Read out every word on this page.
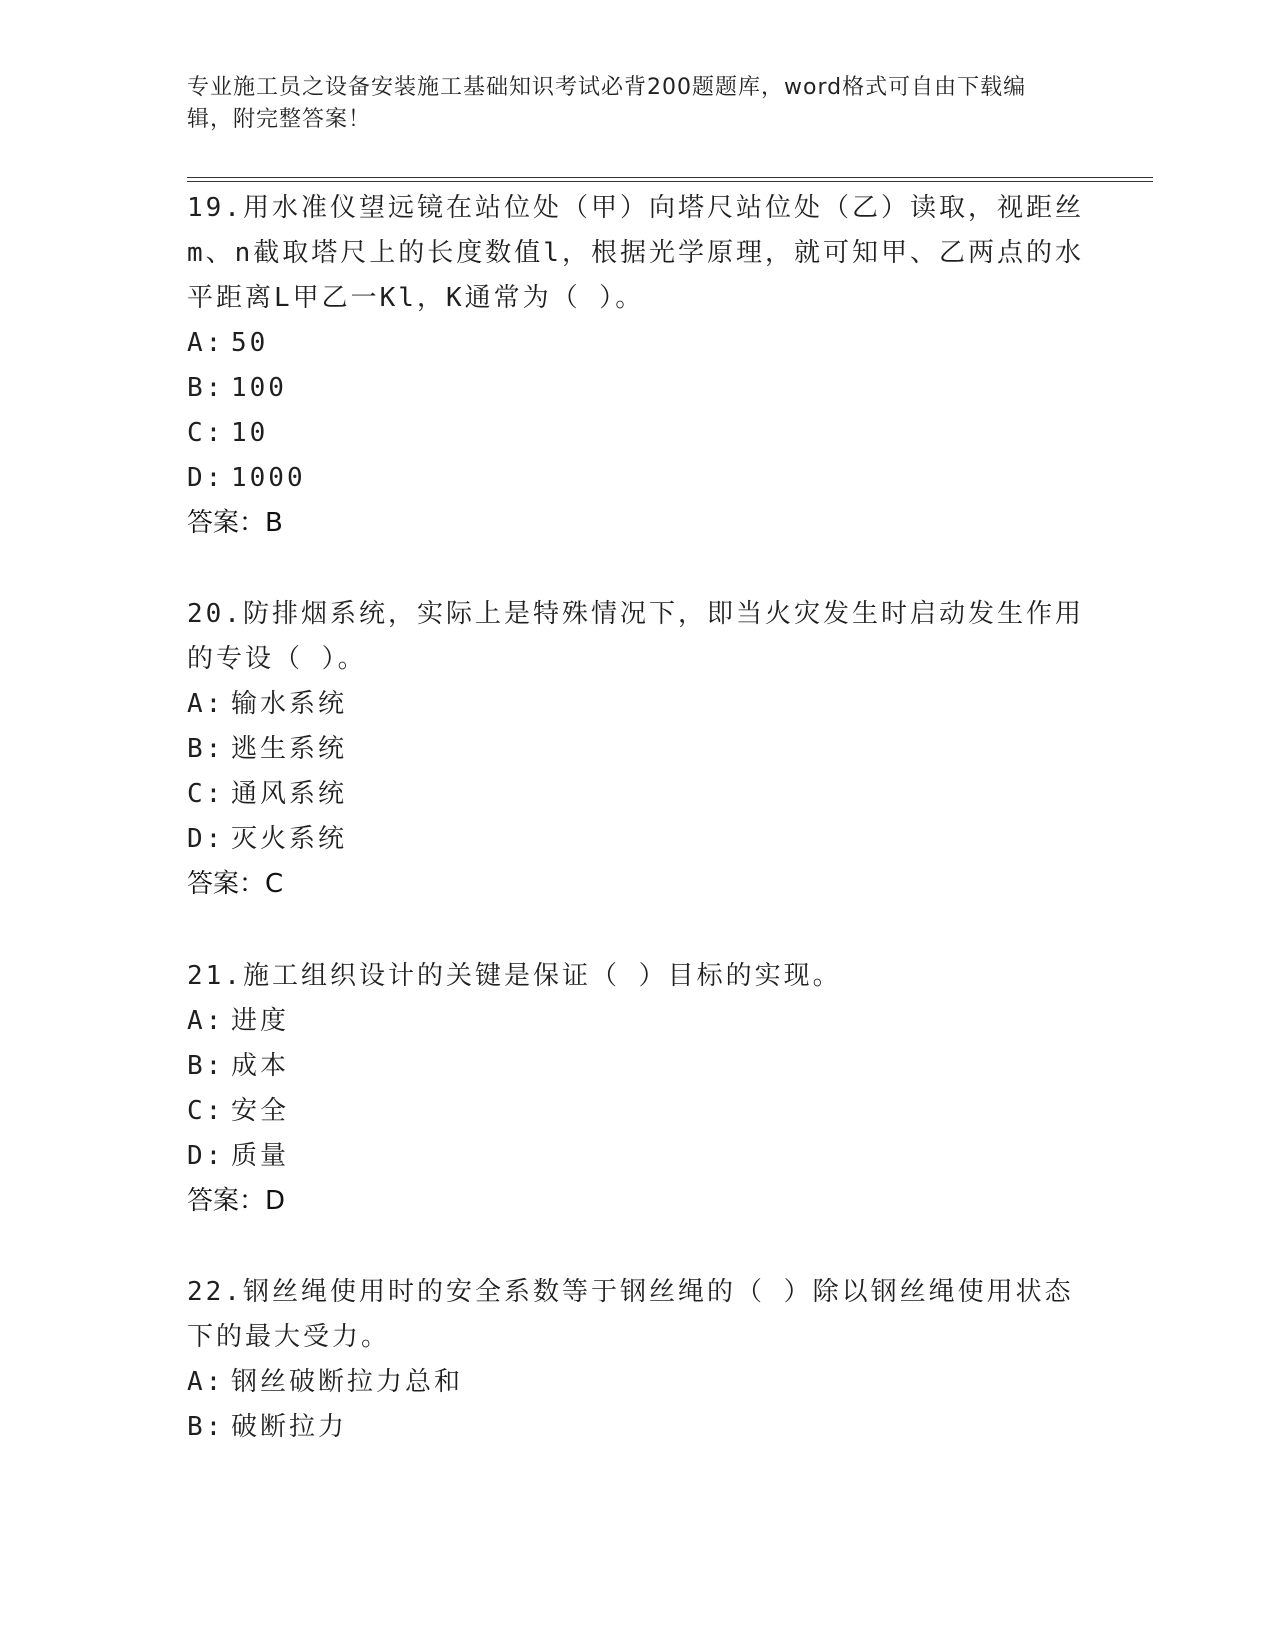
专业施工员之设备安装施工基础知识考试必背200题题库，word格式可自由下载编辑，附完整答案！

19.用水准仪望远镜在站位处（甲）向塔尺站位处（乙）读取，视距丝m、n截取塔尺上的长度数值l，根据光学原理，就可知甲、乙两点的水平距离L甲乙一Kl，K通常为（ ）。

A: 50

B: 100

C: 10

D: 1000

答案：B

20.防排烟系统，实际上是特殊情况下，即当火灾发生时启动发生作用的专设（ ）。

A: 输水系统

B: 逃生系统

C: 通风系统

D: 灭火系统

答案：C

21.施工组织设计的关键是保证（ ）目标的实现。

A: 进度

B: 成本

C: 安全

D: 质量

答案：D

22.钢丝绳使用时的安全系数等于钢丝绳的（ ）除以钢丝绳使用状态下的最大受力。

A: 钢丝破断拉力总和

B: 破断拉力
